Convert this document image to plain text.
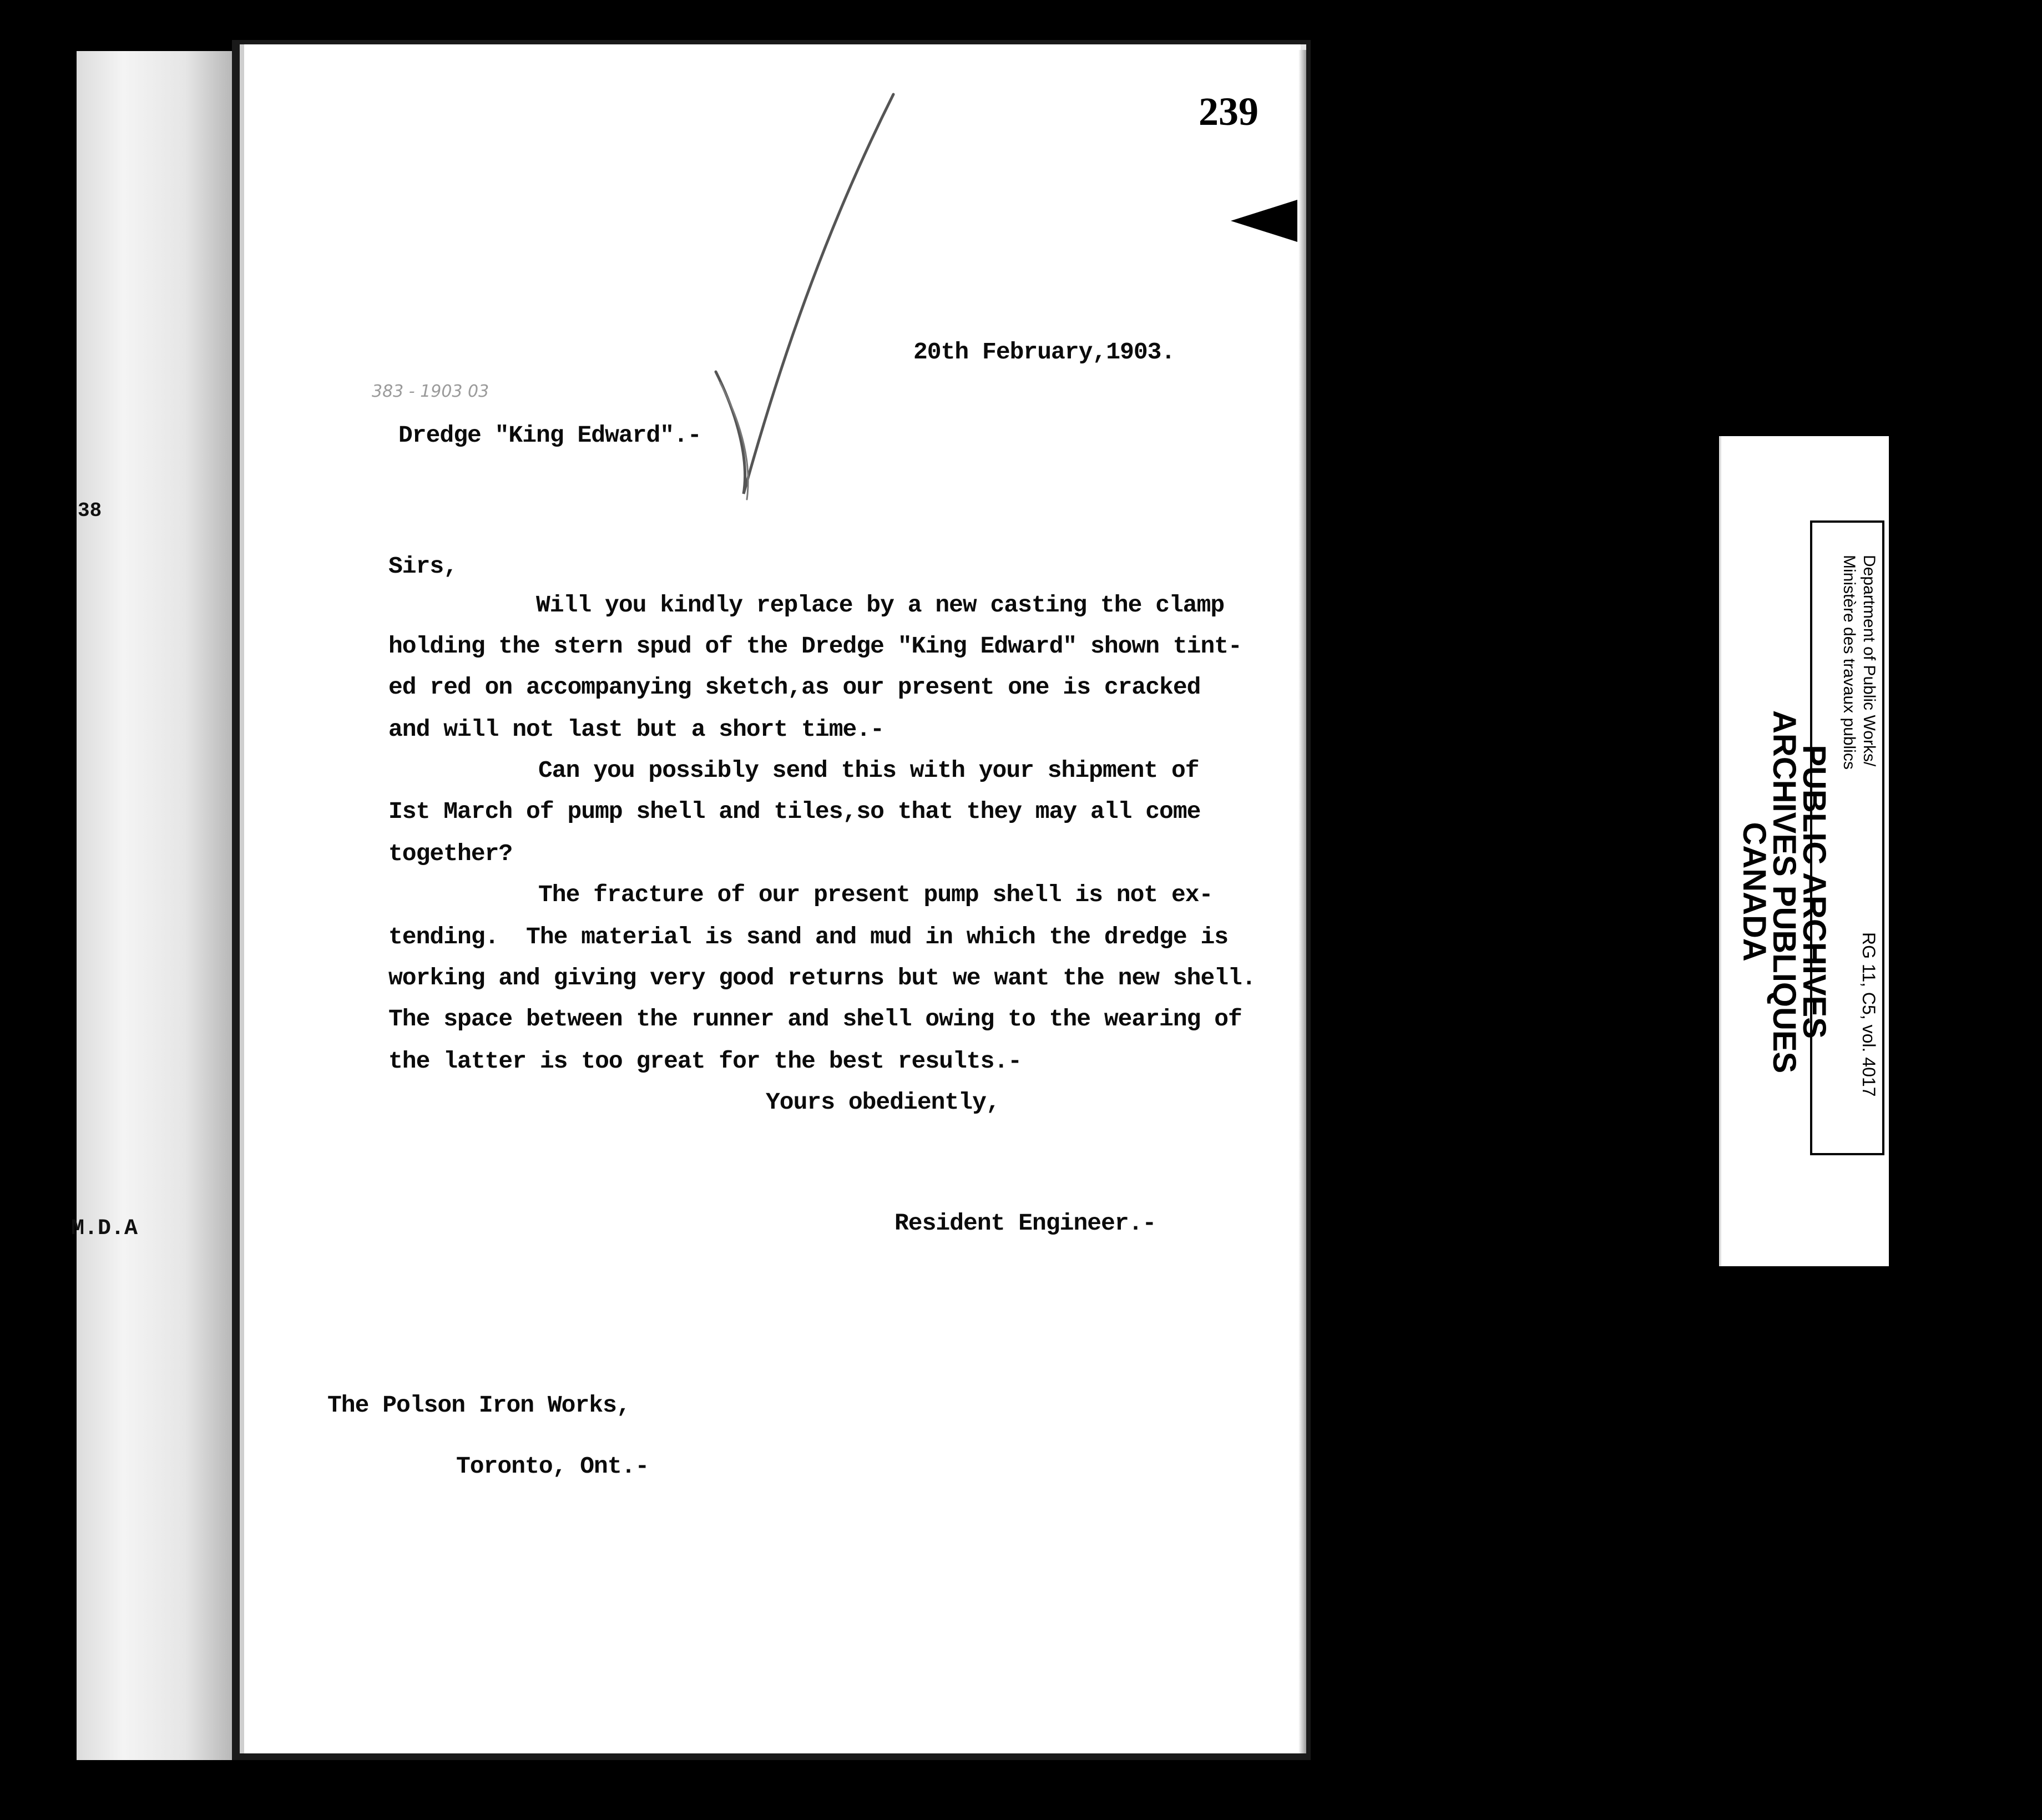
38
M.D.A
239
383 - 1903 03
20th February,1903.
Dredge "King Edward".-
Sirs,
Will you kindly replace by a new casting the clamp
holding the stern spud of the Dredge "King Edward" shown tint-
ed red on accompanying sketch,as our present one is cracked
and will not last but a short time.-
Can you possibly send this with your shipment of
Ist March of pump shell and tiles,so that they may all come
together?
The fracture of our present pump shell is not ex-
tending.  The material is sand and mud in which the dredge is
working and giving very good returns but we want the new shell.
The space between the runner and shell owing to the wearing of
the latter is too great for the best results.-
Yours obediently,
Resident Engineer.-
The Polson Iron Works,
Toronto, Ont.-
PUBLIC ARCHIVES
ARCHIVES PUBLIQUES
CANADA
Department of Public Works/
Ministère des travaux publics
RG 11, C5, vol. 4017
